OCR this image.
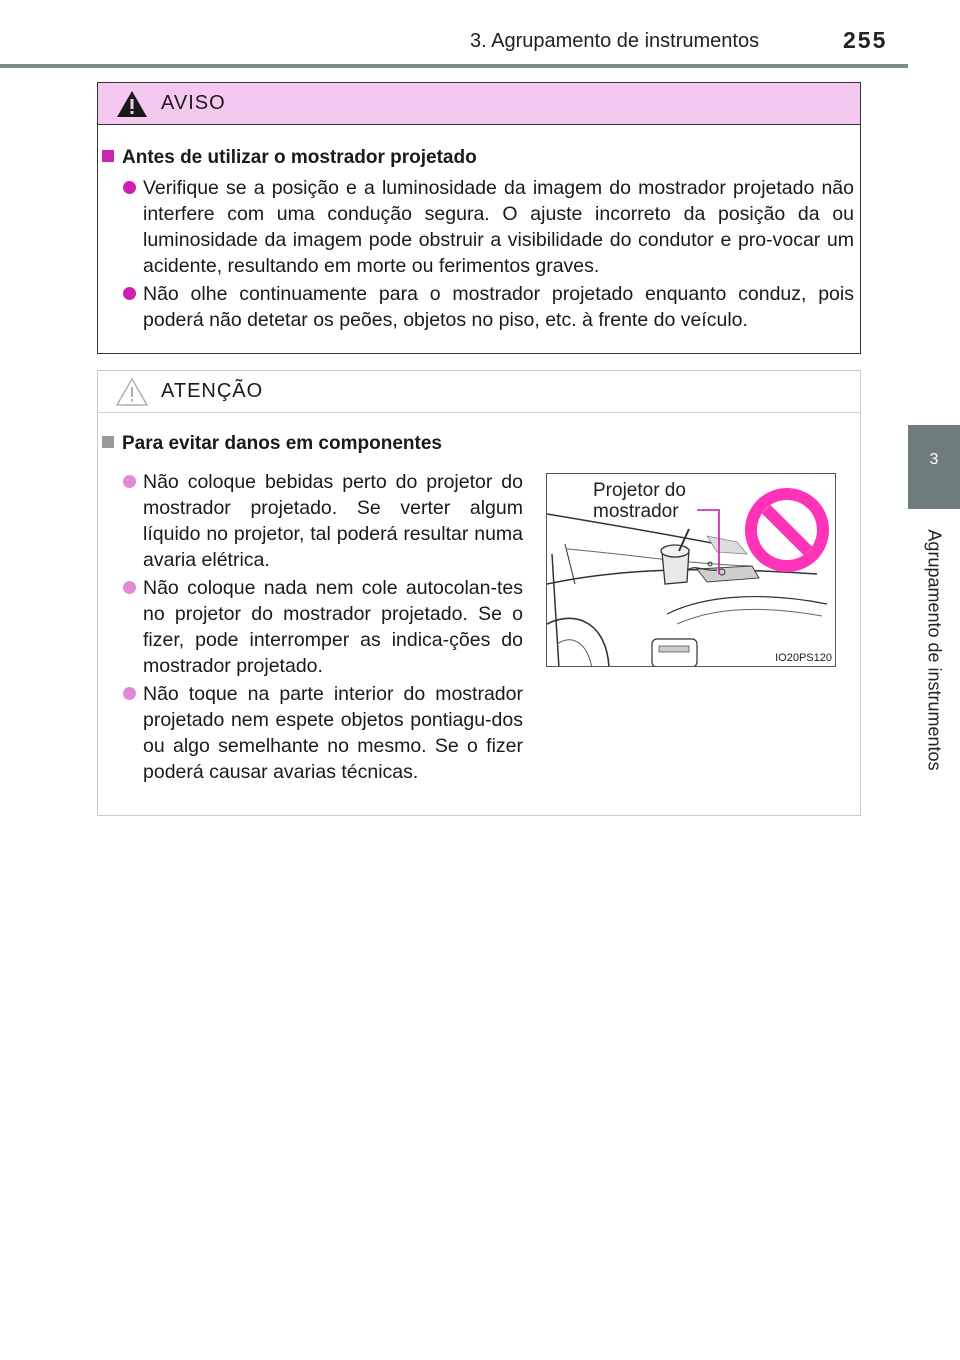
3. Agrupamento de instrumentos	255
3
Agrupamento de instrumentos
AVISO
Antes de utilizar o mostrador projetado
Verifique se a posição e a luminosidade da imagem do mostrador projetado não interfere com uma condução segura. O ajuste incorreto da posição da ou luminosidade da imagem pode obstruir a visibilidade do condutor e pro-vocar um acidente, resultando em morte ou ferimentos graves.
Não olhe continuamente para o mostrador projetado enquanto conduz, pois poderá não detetar os peões, objetos no piso, etc. à frente do veículo.
ATENÇÃO
Para evitar danos em componentes
Não coloque bebidas perto do projetor do mostrador projetado. Se verter algum líquido no projetor, tal poderá resultar numa avaria elétrica.
Não coloque nada nem cole autocolan-tes no projetor do mostrador projetado. Se o fizer, pode interromper as indica-ções do mostrador projetado.
Não toque na parte interior do mostrador projetado nem espete objetos pontiagu-dos ou algo semelhante no mesmo. Se o fizer poderá causar avarias técnicas.
Projetor do
mostrador
IO20PS120
